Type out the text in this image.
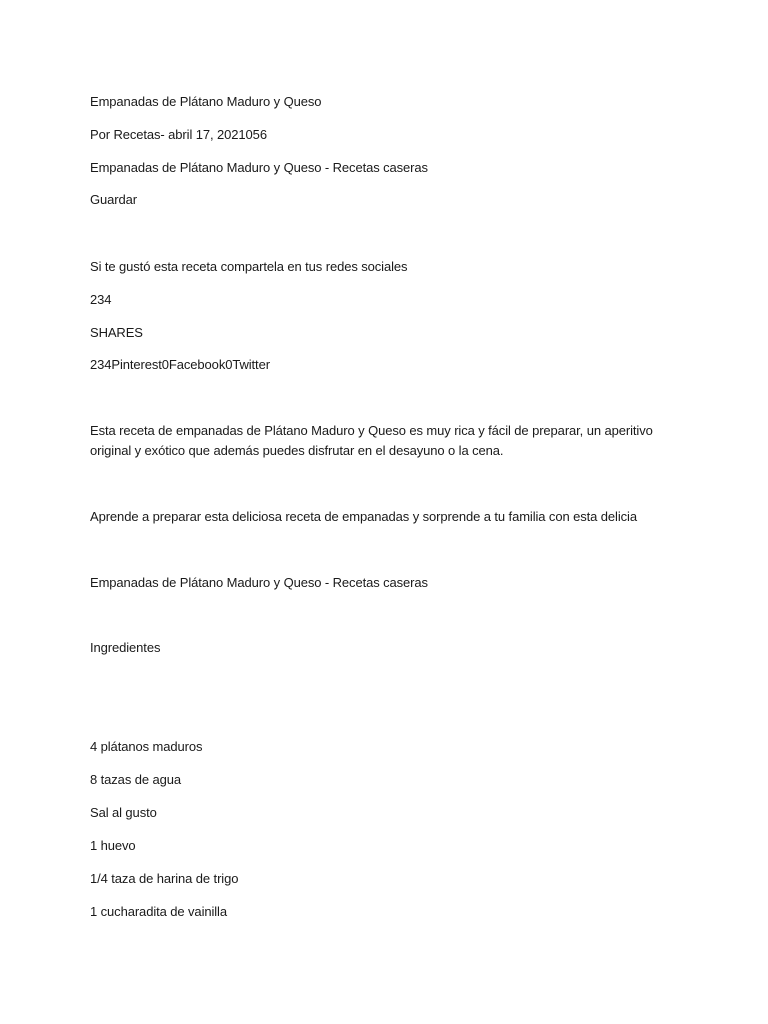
Empanadas de Plátano Maduro y Queso
Por Recetas- abril 17, 2021056
Empanadas de Plátano Maduro y Queso - Recetas caseras
Guardar
Si te gustó esta receta compartela en tus redes sociales
234
SHARES
234Pinterest0Facebook0Twitter
Esta receta de empanadas de Plátano Maduro y Queso es muy rica y fácil de preparar, un aperitivo original y exótico que además puedes disfrutar en el desayuno o la cena.
Aprende a preparar esta deliciosa receta de empanadas y sorprende a tu familia con esta delicia
Empanadas de Plátano Maduro y Queso - Recetas caseras
Ingredientes
4 plátanos maduros
8 tazas de agua
Sal al gusto
1 huevo
1/4 taza de harina de trigo
1 cucharadita de vainilla
